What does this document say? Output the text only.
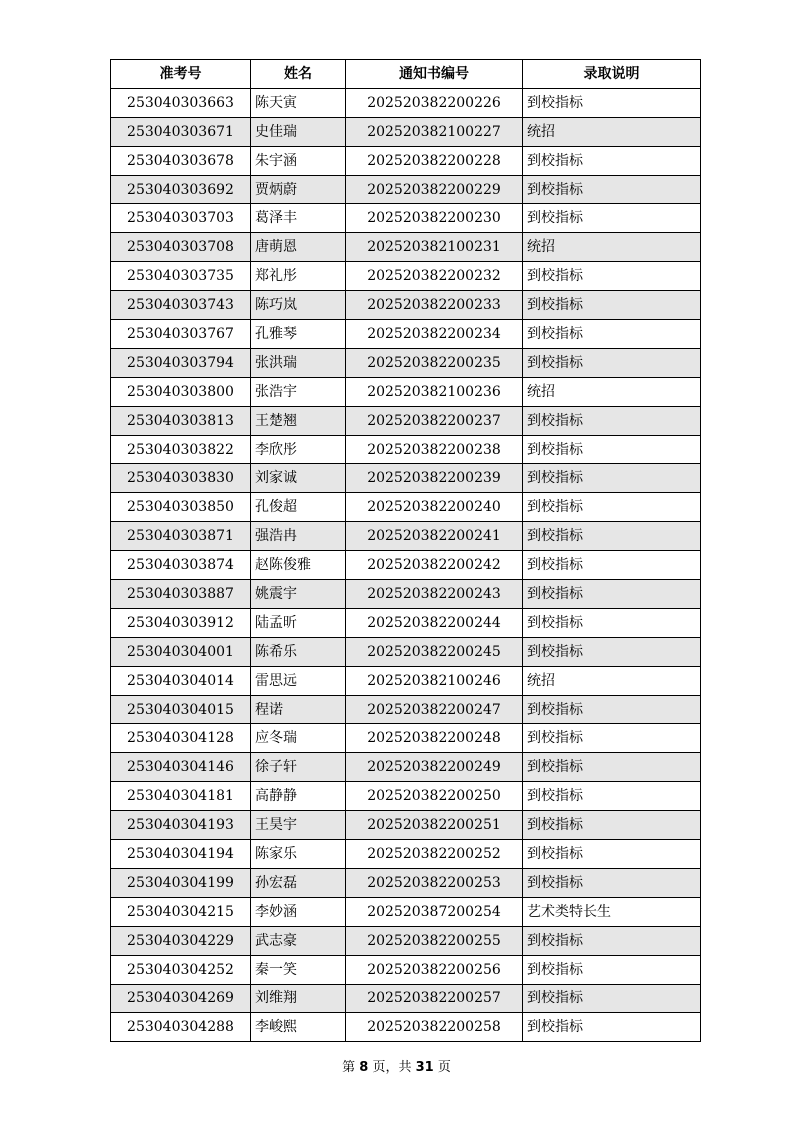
准考号	姓名	通知书编号	录取说明
253040303663	陈天寅	202520382200226	到校指标
253040303671	史佳瑞	202520382100227	统招
253040303678	朱宇涵	202520382200228	到校指标
253040303692	贾炳蔚	202520382200229	到校指标
253040303703	葛泽丰	202520382200230	到校指标
253040303708	唐萌恩	202520382100231	统招
253040303735	郑礼彤	202520382200232	到校指标
253040303743	陈巧岚	202520382200233	到校指标
253040303767	孔雅琴	202520382200234	到校指标
253040303794	张洪瑞	202520382200235	到校指标
253040303800	张浩宇	202520382100236	统招
253040303813	王楚翘	202520382200237	到校指标
253040303822	李欣彤	202520382200238	到校指标
253040303830	刘家诚	202520382200239	到校指标
253040303850	孔俊超	202520382200240	到校指标
253040303871	强浩冉	202520382200241	到校指标
253040303874	赵陈俊雅	202520382200242	到校指标
253040303887	姚震宇	202520382200243	到校指标
253040303912	陆孟昕	202520382200244	到校指标
253040304001	陈希乐	202520382200245	到校指标
253040304014	雷思远	202520382100246	统招
253040304015	程诺	202520382200247	到校指标
253040304128	应冬瑞	202520382200248	到校指标
253040304146	徐子轩	202520382200249	到校指标
253040304181	高静静	202520382200250	到校指标
253040304193	王昊宇	202520382200251	到校指标
253040304194	陈家乐	202520382200252	到校指标
253040304199	孙宏磊	202520382200253	到校指标
253040304215	李妙涵	202520387200254	艺术类特长生
253040304229	武志豪	202520382200255	到校指标
253040304252	秦一笑	202520382200256	到校指标
253040304269	刘维翔	202520382200257	到校指标
253040304288	李峻熙	202520382200258	到校指标
第 8 页，共 31 页
